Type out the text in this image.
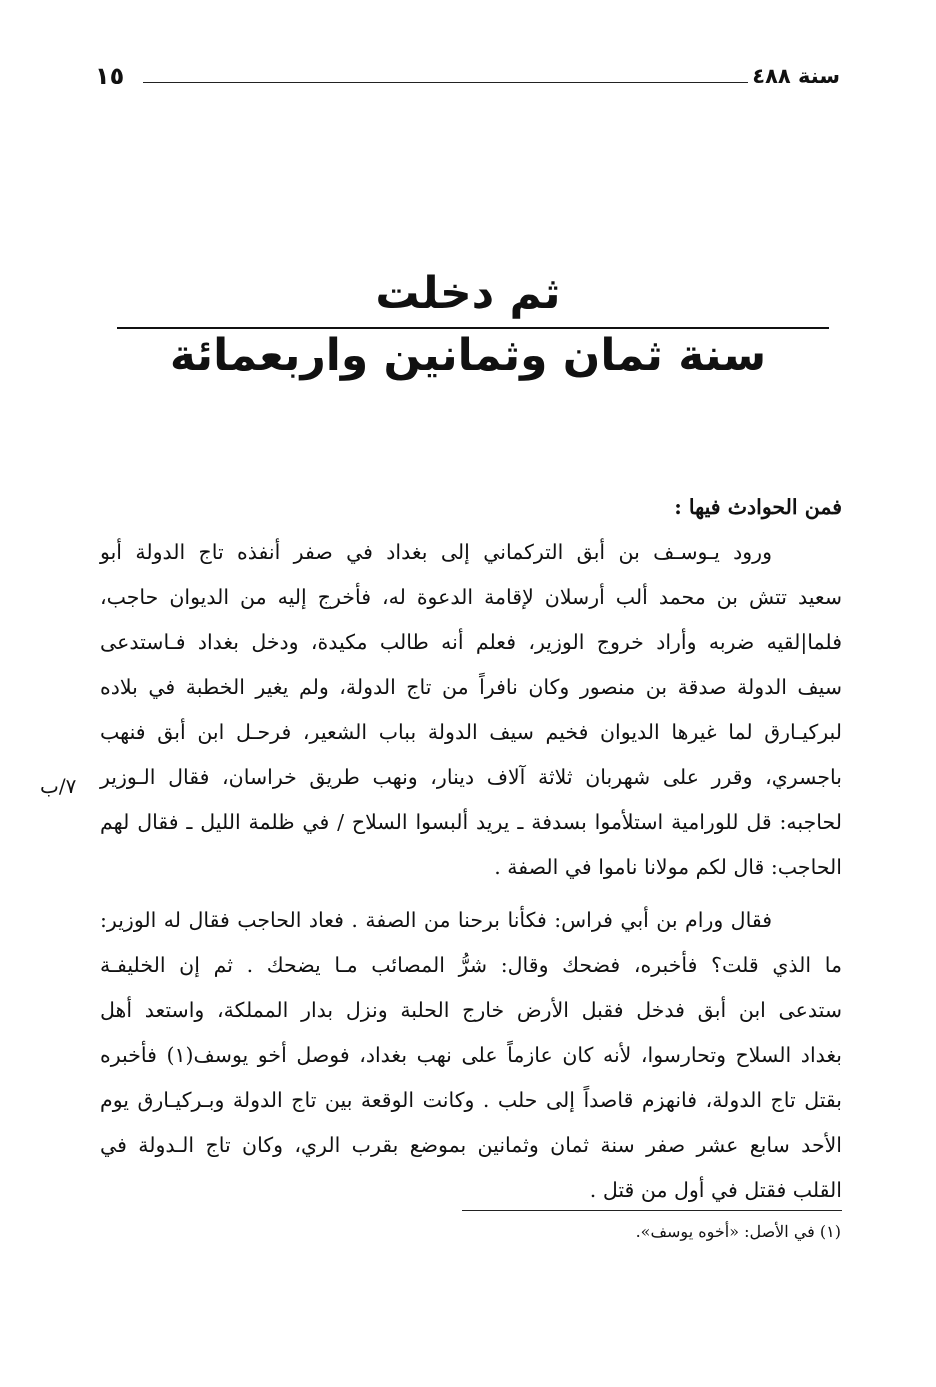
سنة ٤٨٨
١٥
ثم دخلت
سنة ثمان وثمانين واربعمائة
فمن الحوادث فيها :
ورود يـوسـف بن أبق التركماني إلى بغداد في صفر أنفذه تاج الدولة أبو
سعيد تتش بن محمد ألب أرسلان لإقامة الدعوة له، فأخرج إليه من الديوان حاجب،
فلما|لقيه ضربه وأراد خروج الوزير، فعلم أنه طالب مكيدة، ودخل بغداد فـاستدعى
سيف الدولة صدقة بن منصور وكان نافراً من تاج الدولة، ولم يغير الخطبة في بلاده
لبركيـارق لما غيرها الديوان فخيم سيف الدولة بباب الشعير، فرحـل ابن أبق فنهب
باجسري، وقرر على شهربان ثلاثة آلاف دينار، ونهب طريق خراسان، فقال الـوزير
لحاجبه: قل للورامية استلأموا بسدفة ـ يريد ألبسوا السلاح / في ظلمة الليل ـ فقال لهم
الحاجب: قال لكم مولانا ناموا في الصفة .
فقال ورام بن أبي فراس: فكأنا برحنا من الصفة . فعاد الحاجب فقال له الوزير:
ما الذي قلت؟ فأخبره، فضحك وقال: شرُّ المصائب مـا يضحك . ثم إن الخليفـة
ستدعى ابن أبق فدخل فقبل الأرض خارج الحلبة ونزل بدار المملكة، واستعد أهل
بغداد السلاح وتحارسوا، لأنه كان عازماً على نهب بغداد، فوصل أخو يوسف(١) فأخبره
بقتل تاج الدولة، فانهزم قاصداً إلى حلب . وكانت الوقعة بين تاج الدولة وبـركيـارق يوم
الأحد سابع عشر صفر سنة ثمان وثمانين بموضع بقرب الري، وكان تاج الـدولة في
القلب فقتل في أول من قتل .
٧/ب
(١) في الأصل: «أخوه يوسف».
